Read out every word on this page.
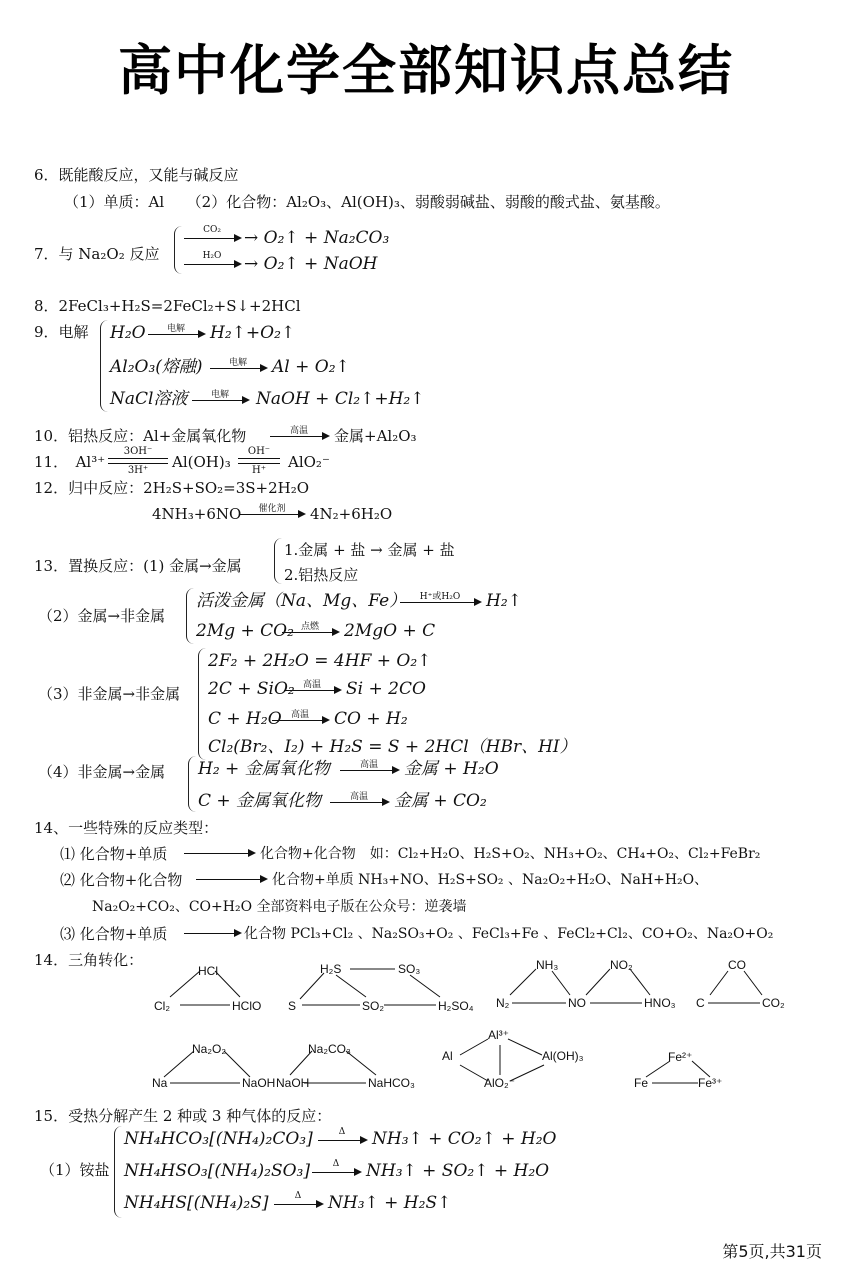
高中化学全部知识点总结
6．既能酸反应，又能与碱反应
（1）单质：Al　　（2）化合物：Al₂O₃、Al(OH)₃、弱酸弱碱盐、弱酸的酸式盐、氨基酸。
7．与 Na₂O₂ 反应
CO₂	→ O₂↑ + Na₂CO₃
H₂O	→ O₂↑ + NaOH
8．2FeCl₃+H₂S=2FeCl₂+S↓+2HCl
9．电解 H₂O	电解	H₂↑+O₂↑
Al₂O₃(熔融)	电解	Al + O₂↑
NaCl溶液	电解	NaOH + Cl₂↑+H₂↑
10．铝热反应：Al+金属氧化物	高温	金属+Al₂O₃
11．　Al³⁺
3OH⁻
3H⁺	Al(OH)₃
OH⁻
H⁺	AlO₂⁻
12．归中反应：2H₂S+SO₂=3S+2H₂O
4NH₃+6NO	催化剂	4N₂+6H₂O
13．置换反应：(1) 金属→金属
1.金属 + 盐 → 金属 + 盐
2.铝热反应
（2）金属→非金属
活泼金属（Na、Mg、Fe）	H⁺或H₂O	H₂↑
2Mg + CO₂ 点燃	2MgO + C
（3）非金属→非金属
2F₂ + 2H₂O = 4HF + O₂↑
2C + SiO₂ 高温	Si + 2CO
C + H₂O	高温	CO + H₂
Cl₂(Br₂、I₂) + H₂S = S + 2HCl（HBr、HI）
（4）非金属→金属 H₂ + 金属氧化物	高温	金属 + H₂O
C + 金属氧化物	高温	金属 + CO₂
14、一些特殊的反应类型：
⑴ 化合物+单质	化合物+化合物　如：Cl₂+H₂O、H₂S+O₂、NH₃+O₂、CH₄+O₂、Cl₂+FeBr₂
⑵ 化合物+化合物	化合物+单质 NH₃+NO、H₂S+SO₂ 、Na₂O₂+H₂O、NaH+H₂O、
Na₂O₂+CO₂、CO+H₂O 全部资料电子版在公众号：逆袭墙
⑶ 化合物+单质	化合物 PCl₃+Cl₂ 、Na₂SO₃+O₂ 、FeCl₃+Fe 、FeCl₂+Cl₂、CO+O₂、Na₂O+O₂
14．三角转化：
HCl
Cl₂	HClO
H₂S	SO₃
S	SO₂	H₂SO₄
NH₃	NO₂
N₂	NO	HNO₃
CO
C	CO₂
Na₂O₂
Na	NaOH
Na₂CO₃
NaOH	NaHCO₃
Al
Al³⁺
Al(OH)₃
AlO₂⁻
Fe²⁺
Fe	Fe³⁺
15．受热分解产生 2 种或 3 种气体的反应：
（1）铵盐
NH₄HCO₃[(NH₄)₂CO₃]	Δ	NH₃↑ + CO₂↑ + H₂O
NH₄HSO₃[(NH₄)₂SO₃]	Δ	NH₃↑ + SO₂↑ + H₂O
NH₄HS[(NH₄)₂S]	Δ	NH₃↑ + H₂S↑
第5页,共31页
